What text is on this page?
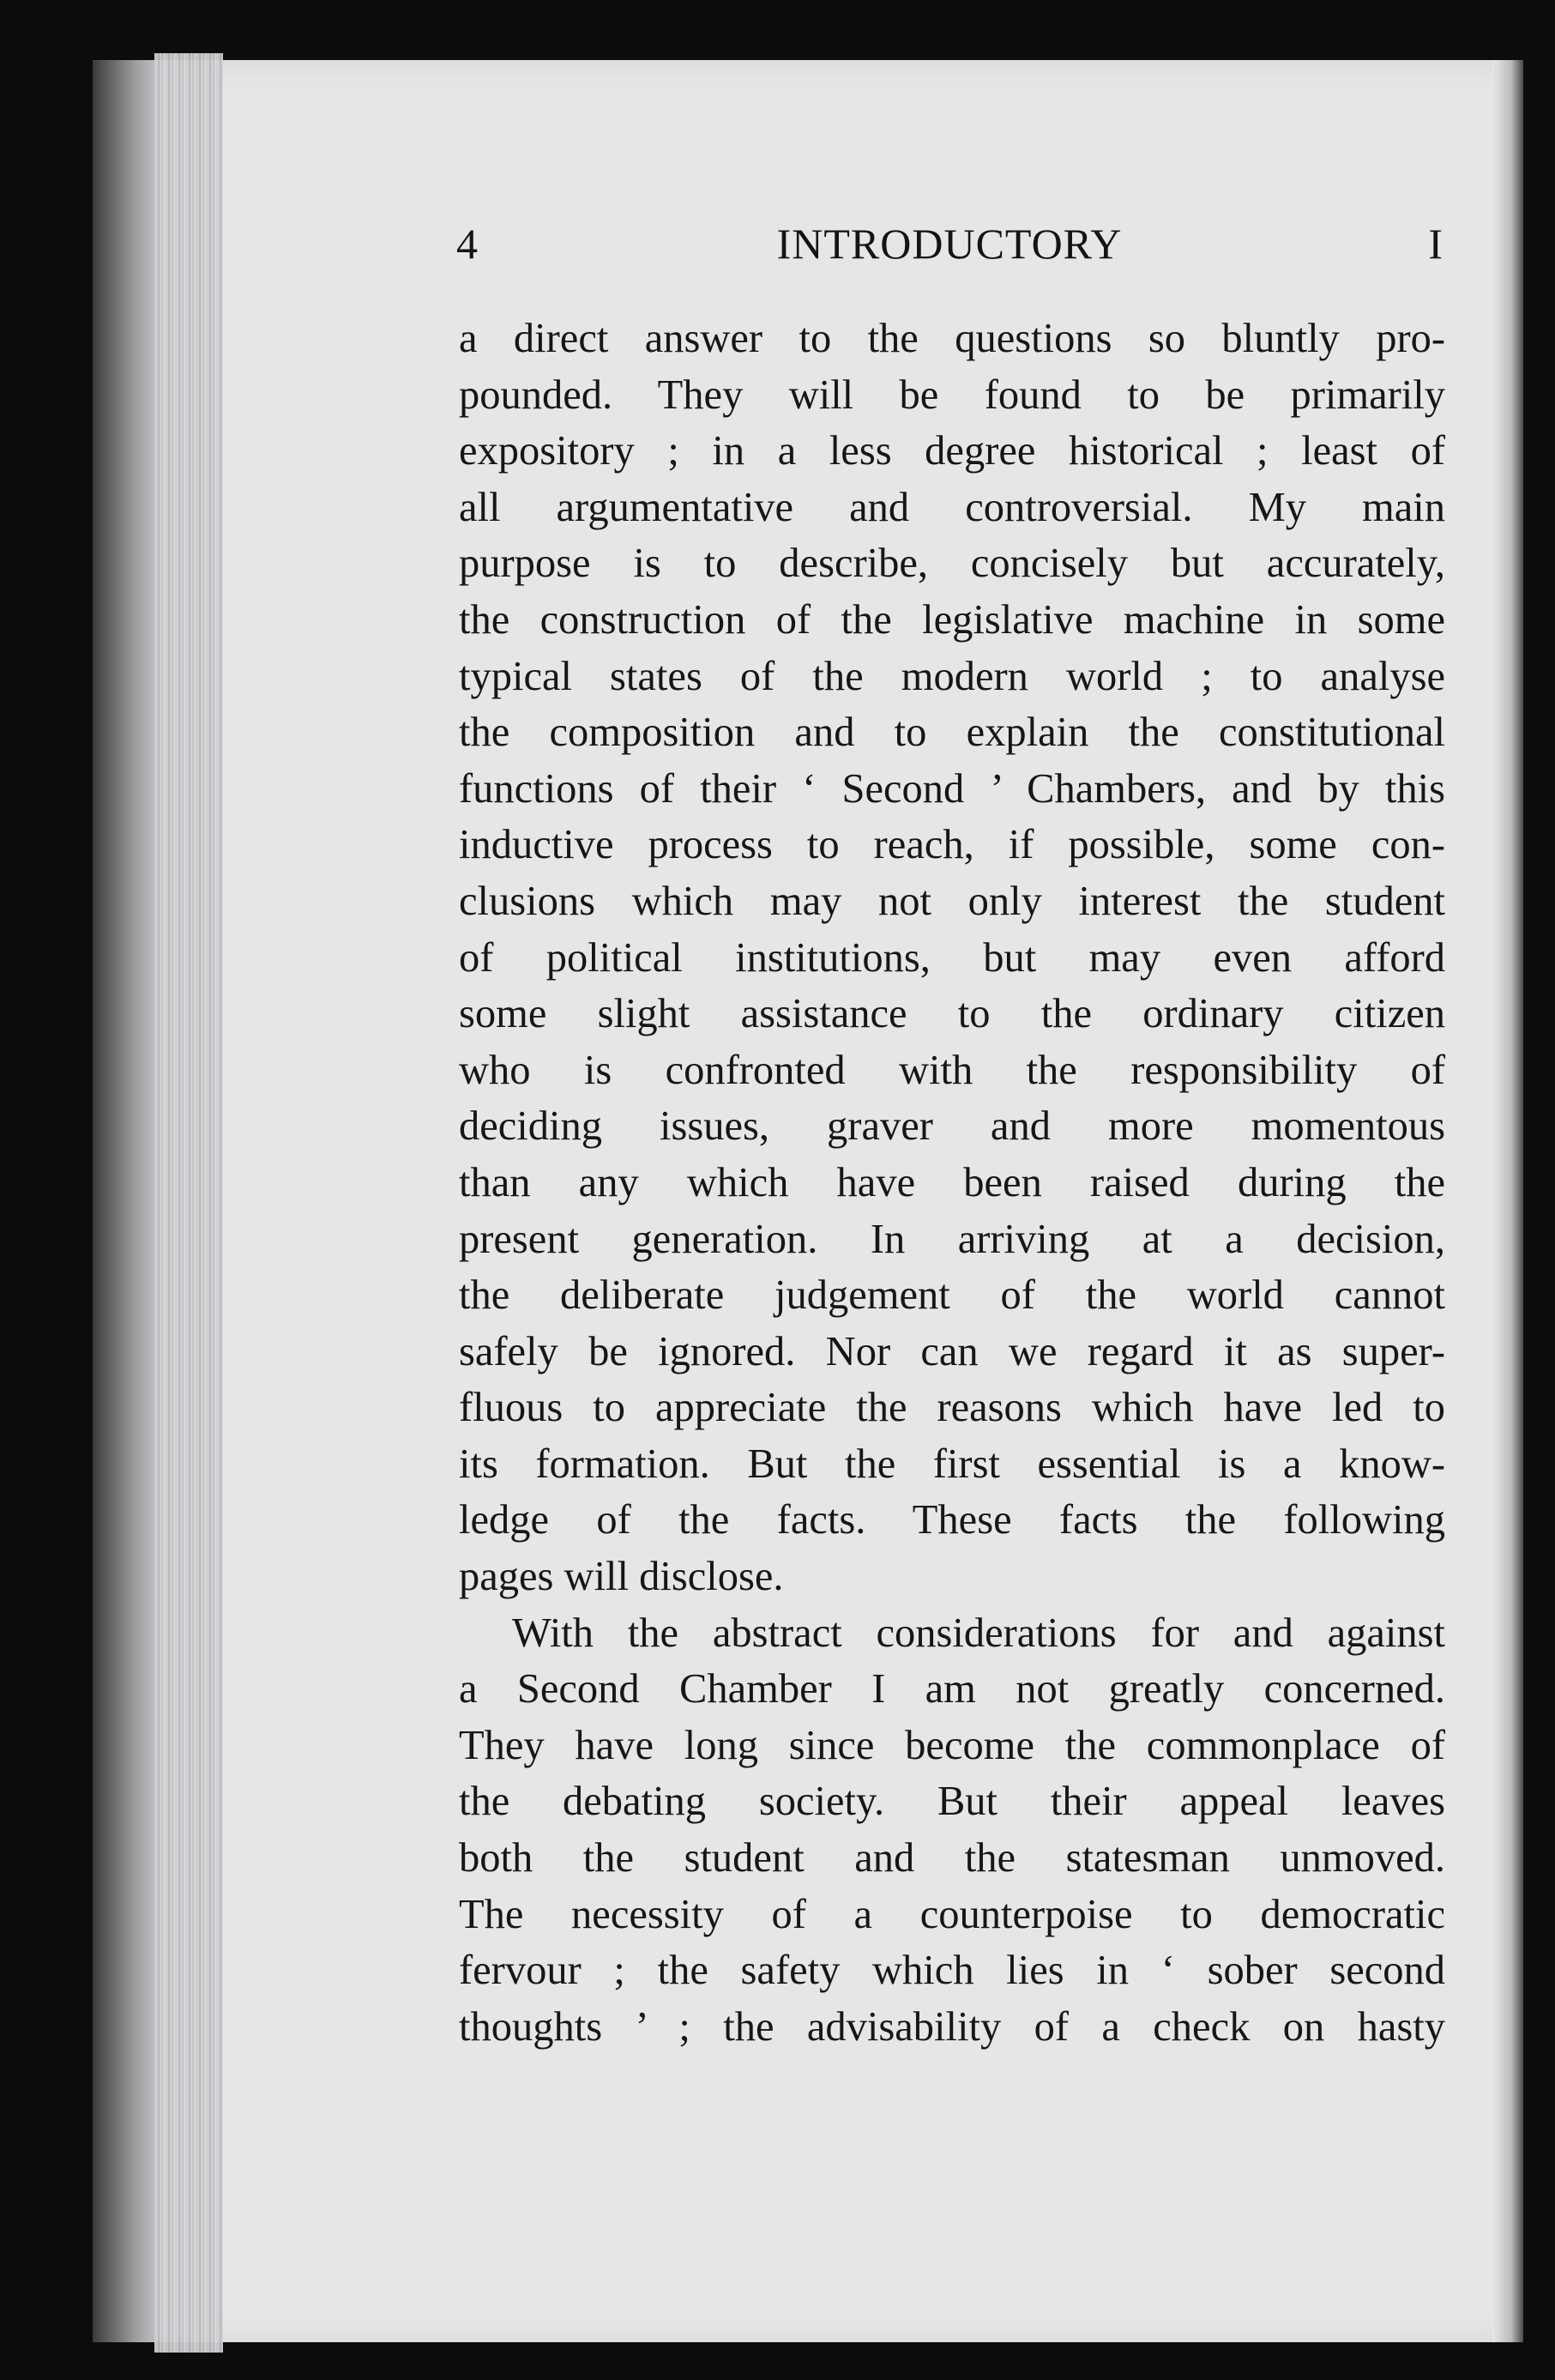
4	INTRODUCTORY	I
a direct answer to the questions so bluntly pro-
pounded. They will be found to be primarily
expository ; in a less degree historical ; least of
all argumentative and controversial. My main
purpose is to describe, concisely but accurately,
the construction of the legislative machine in some
typical states of the modern world ; to analyse
the composition and to explain the constitutional
functions of their ‘ Second ’ Chambers, and by this
inductive process to reach, if possible, some con-
clusions which may not only interest the student
of political institutions, but may even afford
some slight assistance to the ordinary citizen
who is confronted with the responsibility of
deciding issues, graver and more momentous
than any which have been raised during the
present generation. In arriving at a decision,
the deliberate judgement of the world cannot
safely be ignored. Nor can we regard it as super-
fluous to appreciate the reasons which have led to
its formation. But the first essential is a know-
ledge of the facts. These facts the following
pages will disclose.
With the abstract considerations for and against
a Second Chamber I am not greatly concerned.
They have long since become the commonplace of
the debating society. But their appeal leaves
both the student and the statesman unmoved.
The necessity of a counterpoise to democratic
fervour ; the safety which lies in ‘ sober second
thoughts ’ ; the advisability of a check on hasty
